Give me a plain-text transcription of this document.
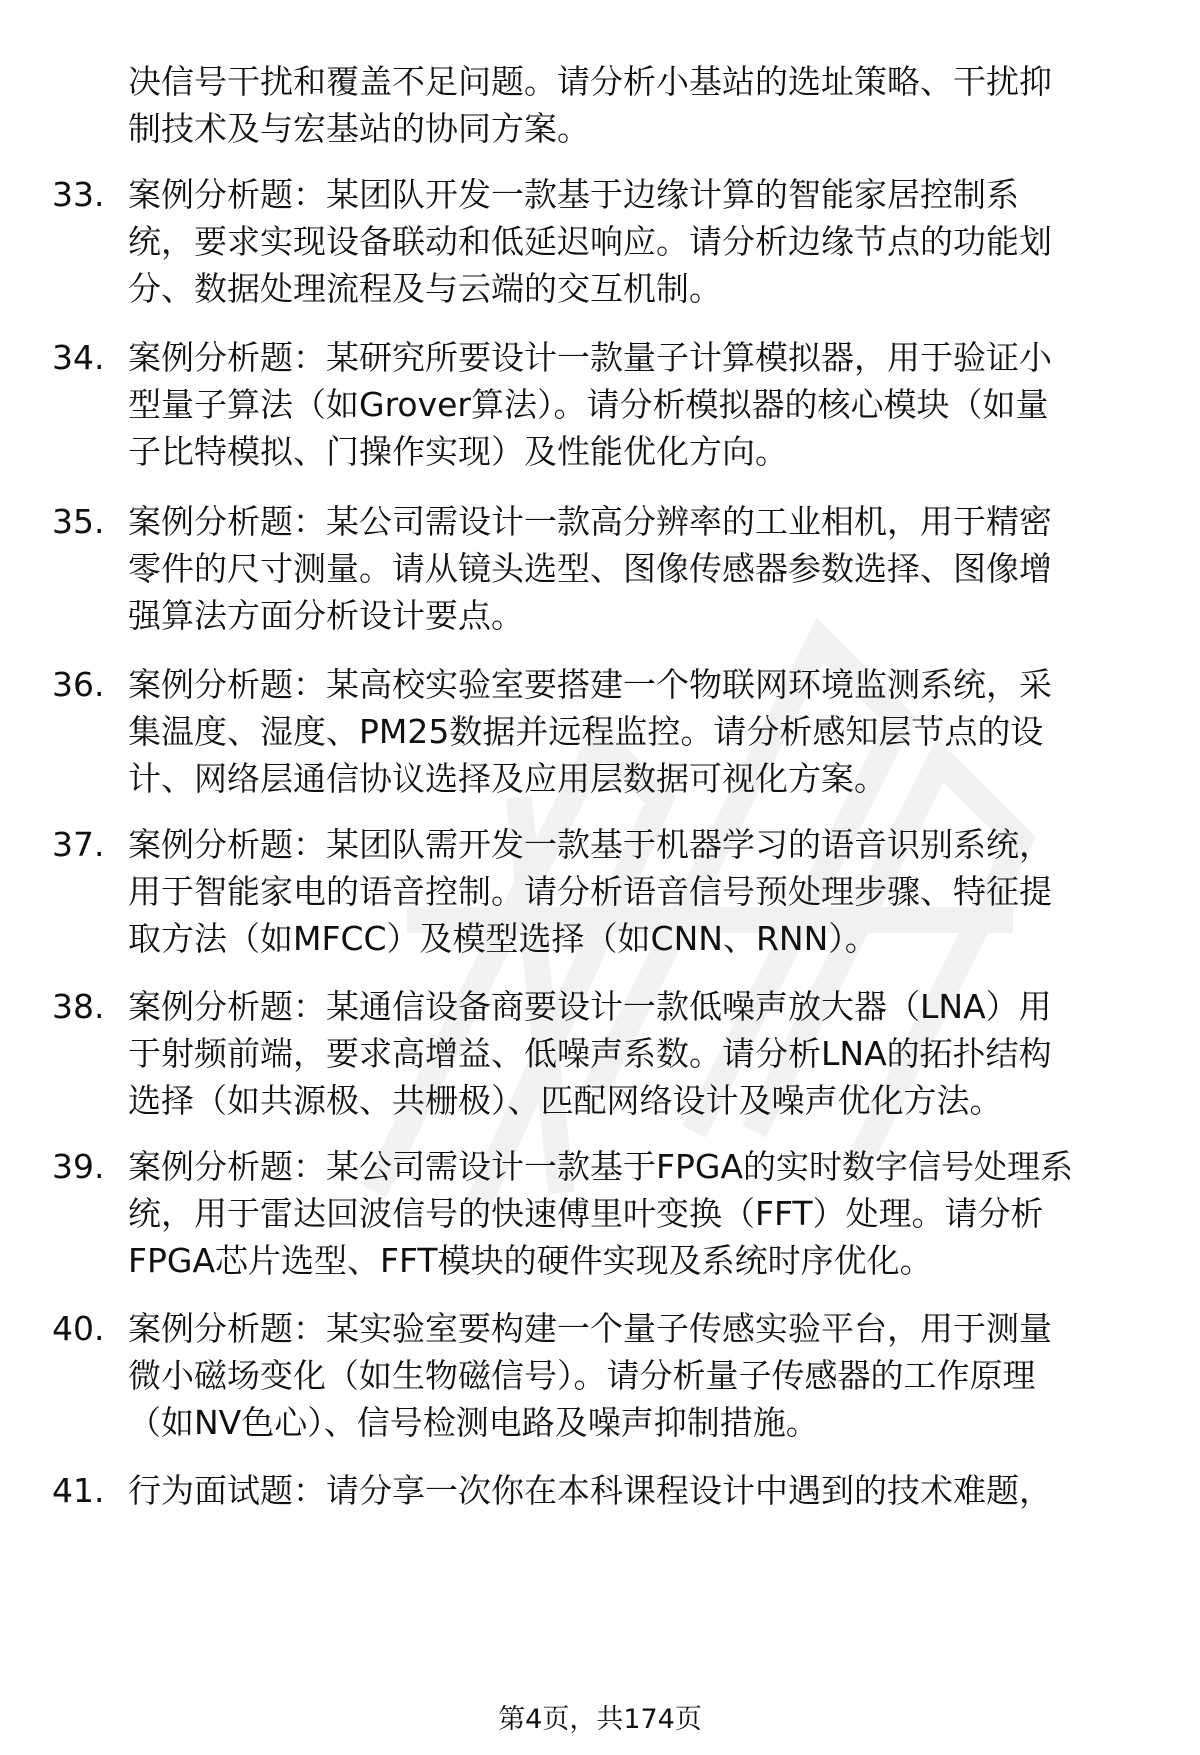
决信号干扰和覆盖不足问题。请分析小基站的选址策略、干扰抑
制技术及与宏基站的协同方案。
33. 案例分析题：某团队开发一款基于边缘计算的智能家居控制系
统，要求实现设备联动和低延迟响应。请分析边缘节点的功能划
分、数据处理流程及与云端的交互机制。
34. 案例分析题：某研究所要设计一款量子计算模拟器，用于验证小
型量子算法（如Grover算法）。请分析模拟器的核心模块（如量
子比特模拟、门操作实现）及性能优化方向。
35. 案例分析题：某公司需设计一款高分辨率的工业相机，用于精密
零件的尺寸测量。请从镜头选型、图像传感器参数选择、图像增
强算法方面分析设计要点。
36. 案例分析题：某高校实验室要搭建一个物联网环境监测系统，采
集温度、湿度、PM25数据并远程监控。请分析感知层节点的设
计、网络层通信协议选择及应用层数据可视化方案。
37. 案例分析题：某团队需开发一款基于机器学习的语音识别系统，
用于智能家电的语音控制。请分析语音信号预处理步骤、特征提
取方法（如MFCC）及模型选择（如CNN、RNN）。
38. 案例分析题：某通信设备商要设计一款低噪声放大器（LNA）用
于射频前端，要求高增益、低噪声系数。请分析LNA的拓扑结构
选择（如共源极、共栅极）、匹配网络设计及噪声优化方法。
39. 案例分析题：某公司需设计一款基于FPGA的实时数字信号处理系
统，用于雷达回波信号的快速傅里叶变换（FFT）处理。请分析
FPGA芯片选型、FFT模块的硬件实现及系统时序优化。
40. 案例分析题：某实验室要构建一个量子传感实验平台，用于测量
微小磁场变化（如生物磁信号）。请分析量子传感器的工作原理
（如NV色心）、信号检测电路及噪声抑制措施。
41. 行为面试题：请分享一次你在本科课程设计中遇到的技术难题，
第4页，共174页
